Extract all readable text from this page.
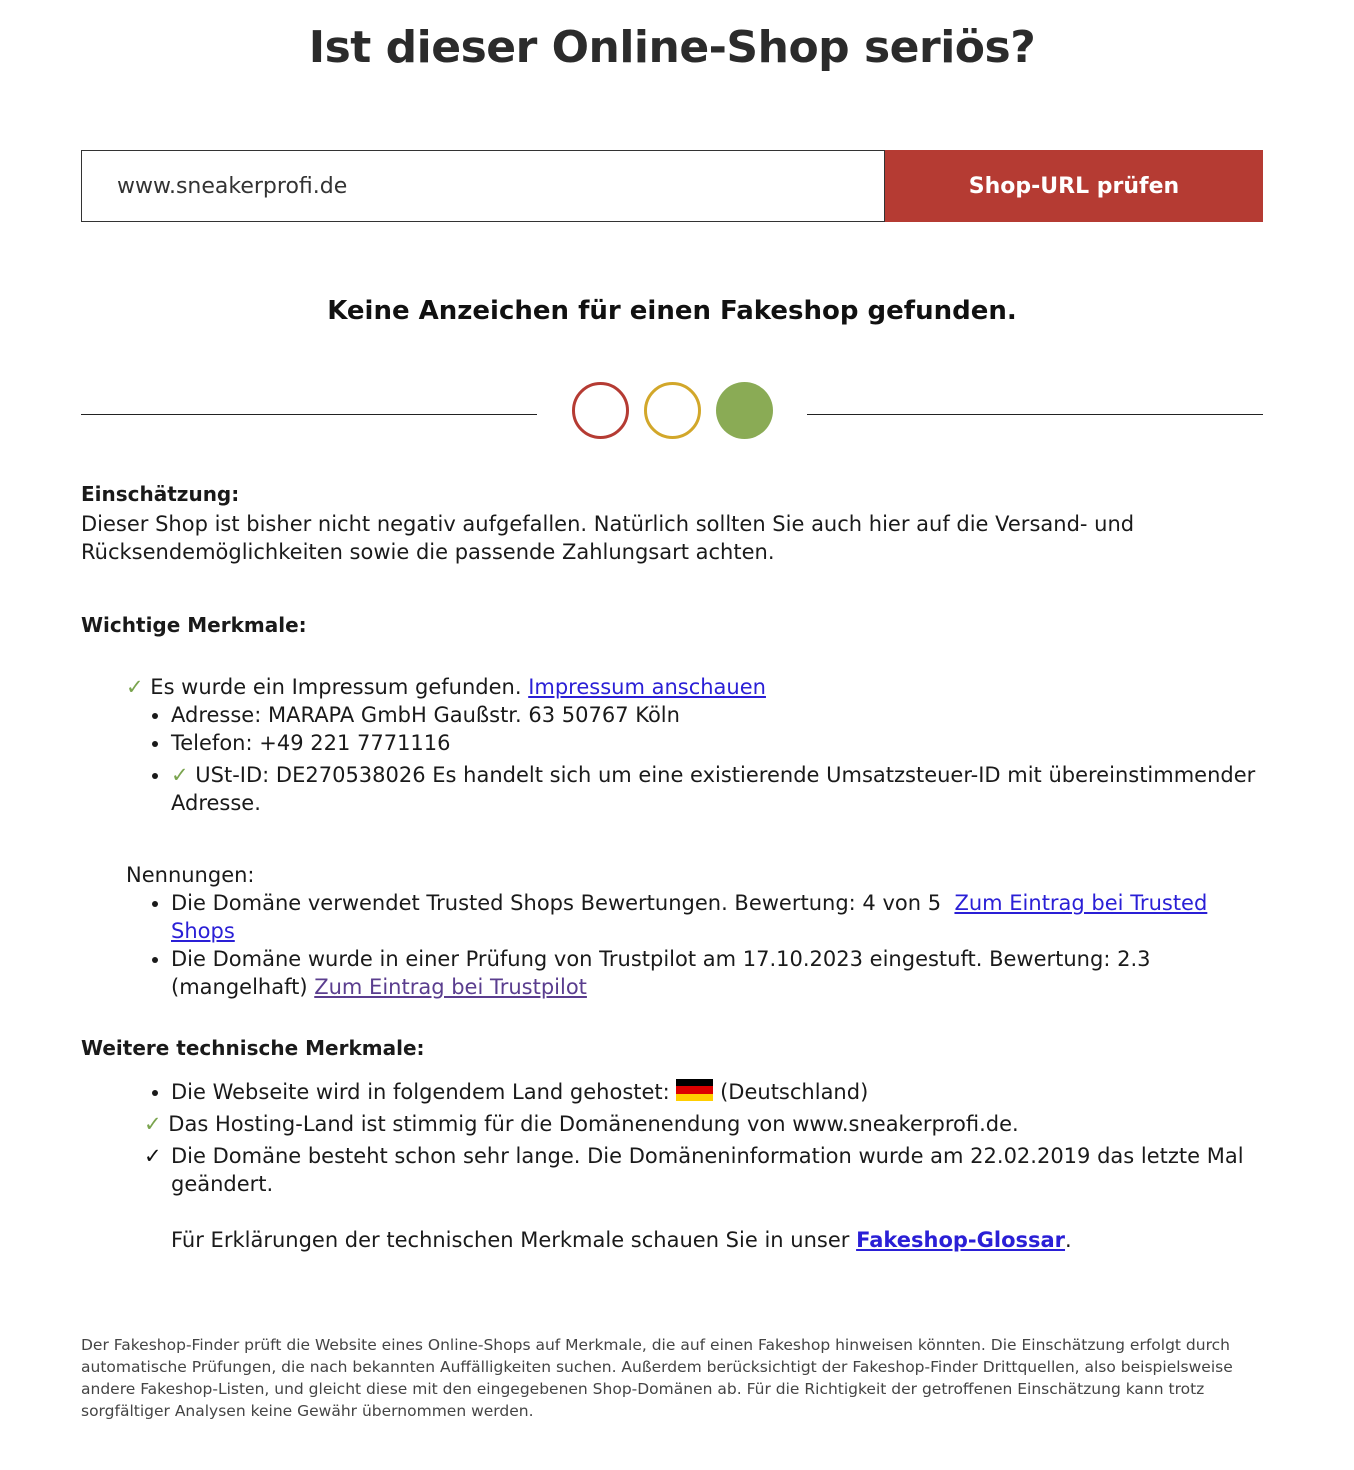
Ist dieser Online-Shop seriös?
www.sneakerprofi.de
Shop-URL prüfen
Keine Anzeichen für einen Fakeshop gefunden.
Einschätzung:
Dieser Shop ist bisher nicht negativ aufgefallen. Natürlich sollten Sie auch hier auf die Versand- und Rücksendemöglichkeiten sowie die passende Zahlungsart achten.
Wichtige Merkmale:
✓ Es wurde ein Impressum gefunden. Impressum anschauen
• Adresse: MARAPA GmbH Gaußstr. 63 50767 Köln
• Telefon: +49 221 7771116
• ✓ USt-ID: DE270538026 Es handelt sich um eine existierende Umsatzsteuer-ID mit übereinstimmender Adresse.
Nennungen:
• Die Domäne verwendet Trusted Shops Bewertungen. Bewertung: 4 von 5 Zum Eintrag bei Trusted Shops
• Die Domäne wurde in einer Prüfung von Trustpilot am 17.10.2023 eingestuft. Bewertung: 2.3 (mangelhaft) Zum Eintrag bei Trustpilot
Weitere technische Merkmale:
• Die Webseite wird in folgendem Land gehostet: (Deutschland)
✓ Das Hosting-Land ist stimmig für die Domänenendung von www.sneakerprofi.de.
✓ Die Domäne besteht schon sehr lange. Die Domäneninformation wurde am 22.02.2019 das letzte Mal geändert.
Für Erklärungen der technischen Merkmale schauen Sie in unser Fakeshop-Glossar.
Der Fakeshop-Finder prüft die Website eines Online-Shops auf Merkmale, die auf einen Fakeshop hinweisen könnten. Die Einschätzung erfolgt durch automatische Prüfungen, die nach bekannten Auffälligkeiten suchen. Außerdem berücksichtigt der Fakeshop-Finder Drittquellen, also beispielsweise andere Fakeshop-Listen, und gleicht diese mit den eingegebenen Shop-Domänen ab. Für die Richtigkeit der getroffenen Einschätzung kann trotz sorgfältiger Analysen keine Gewähr übernommen werden.
